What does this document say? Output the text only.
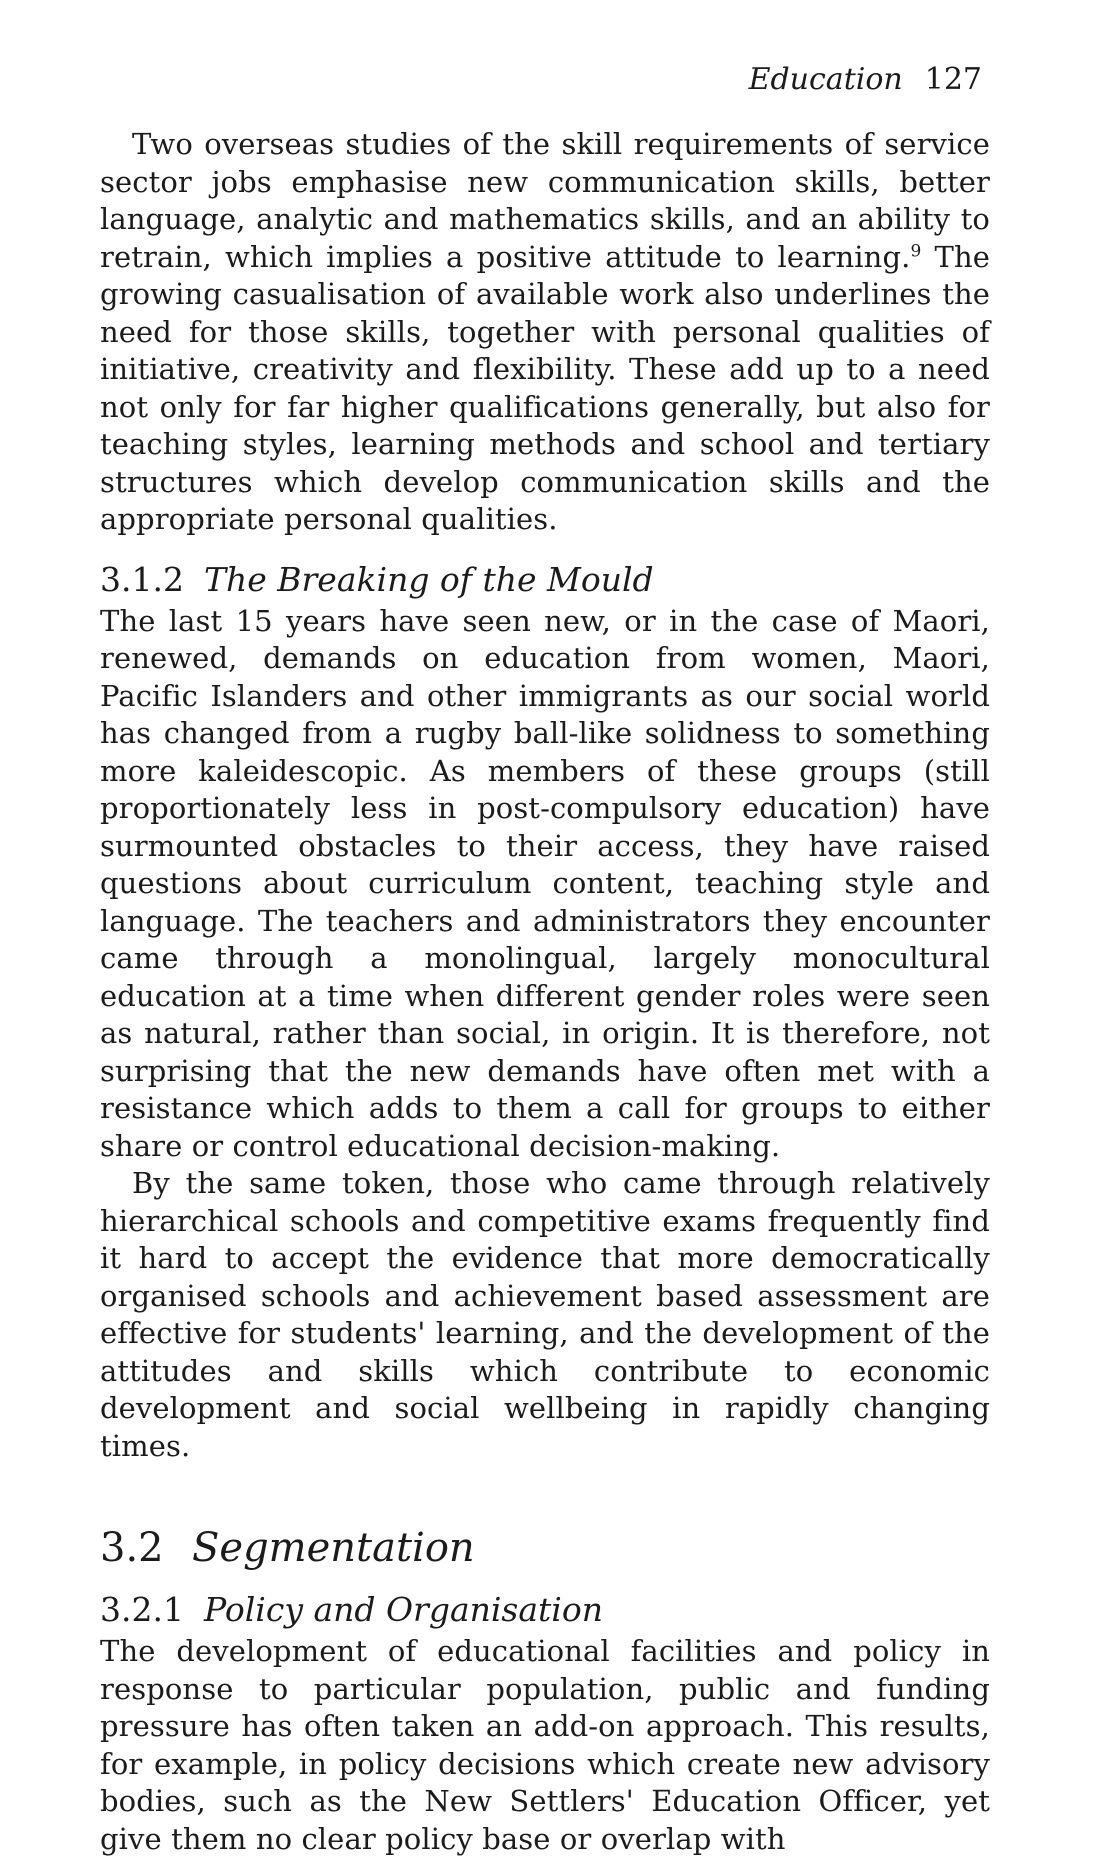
Education 127

Two overseas studies of the skill requirements of service sector jobs emphasise new communication skills, better language, analytic and mathematics skills, and an ability to retrain, which implies a positive attitude to learning.$^9$ The growing casualisation of available work also underlines the need for those skills, together with personal qualities of initiative, creativity and flexibility. These add up to a need not only for far higher qualifications generally, but also for teaching styles, learning methods and school and tertiary structures which develop communication skills and the appropriate personal qualities.

3.1.2 The Breaking of the Mould

The last 15 years have seen new, or in the case of Maori, renewed, demands on education from women, Maori, Pacific Islanders and other immigrants as our social world has changed from a rugby ball-like solidness to something more kaleidescopic. As members of these groups (still proportionately less in post-compulsory education) have surmounted obstacles to their access, they have raised questions about curriculum content, teaching style and language. The teachers and administrators they encounter came through a monolingual, largely monocultural education at a time when different gender roles were seen as natural, rather than social, in origin. It is therefore, not surprising that the new demands have often met with a resistance which adds to them a call for groups to either share or control educational decision-making.

By the same token, those who came through relatively hierarchical schools and competitive exams frequently find it hard to accept the evidence that more democratically organised schools and achievement based assessment are effective for students' learning, and the development of the attitudes and skills which contribute to economic development and social wellbeing in rapidly changing times.

3.2 Segmentation
3.2.1 Policy and Organisation

The development of educational facilities and policy in response to particular population, public and funding pressure has often taken an add-on approach. This results, for example, in policy decisions which create new advisory bodies, such as the New Settlers' Education Officer, yet give them no clear policy base or overlap with
